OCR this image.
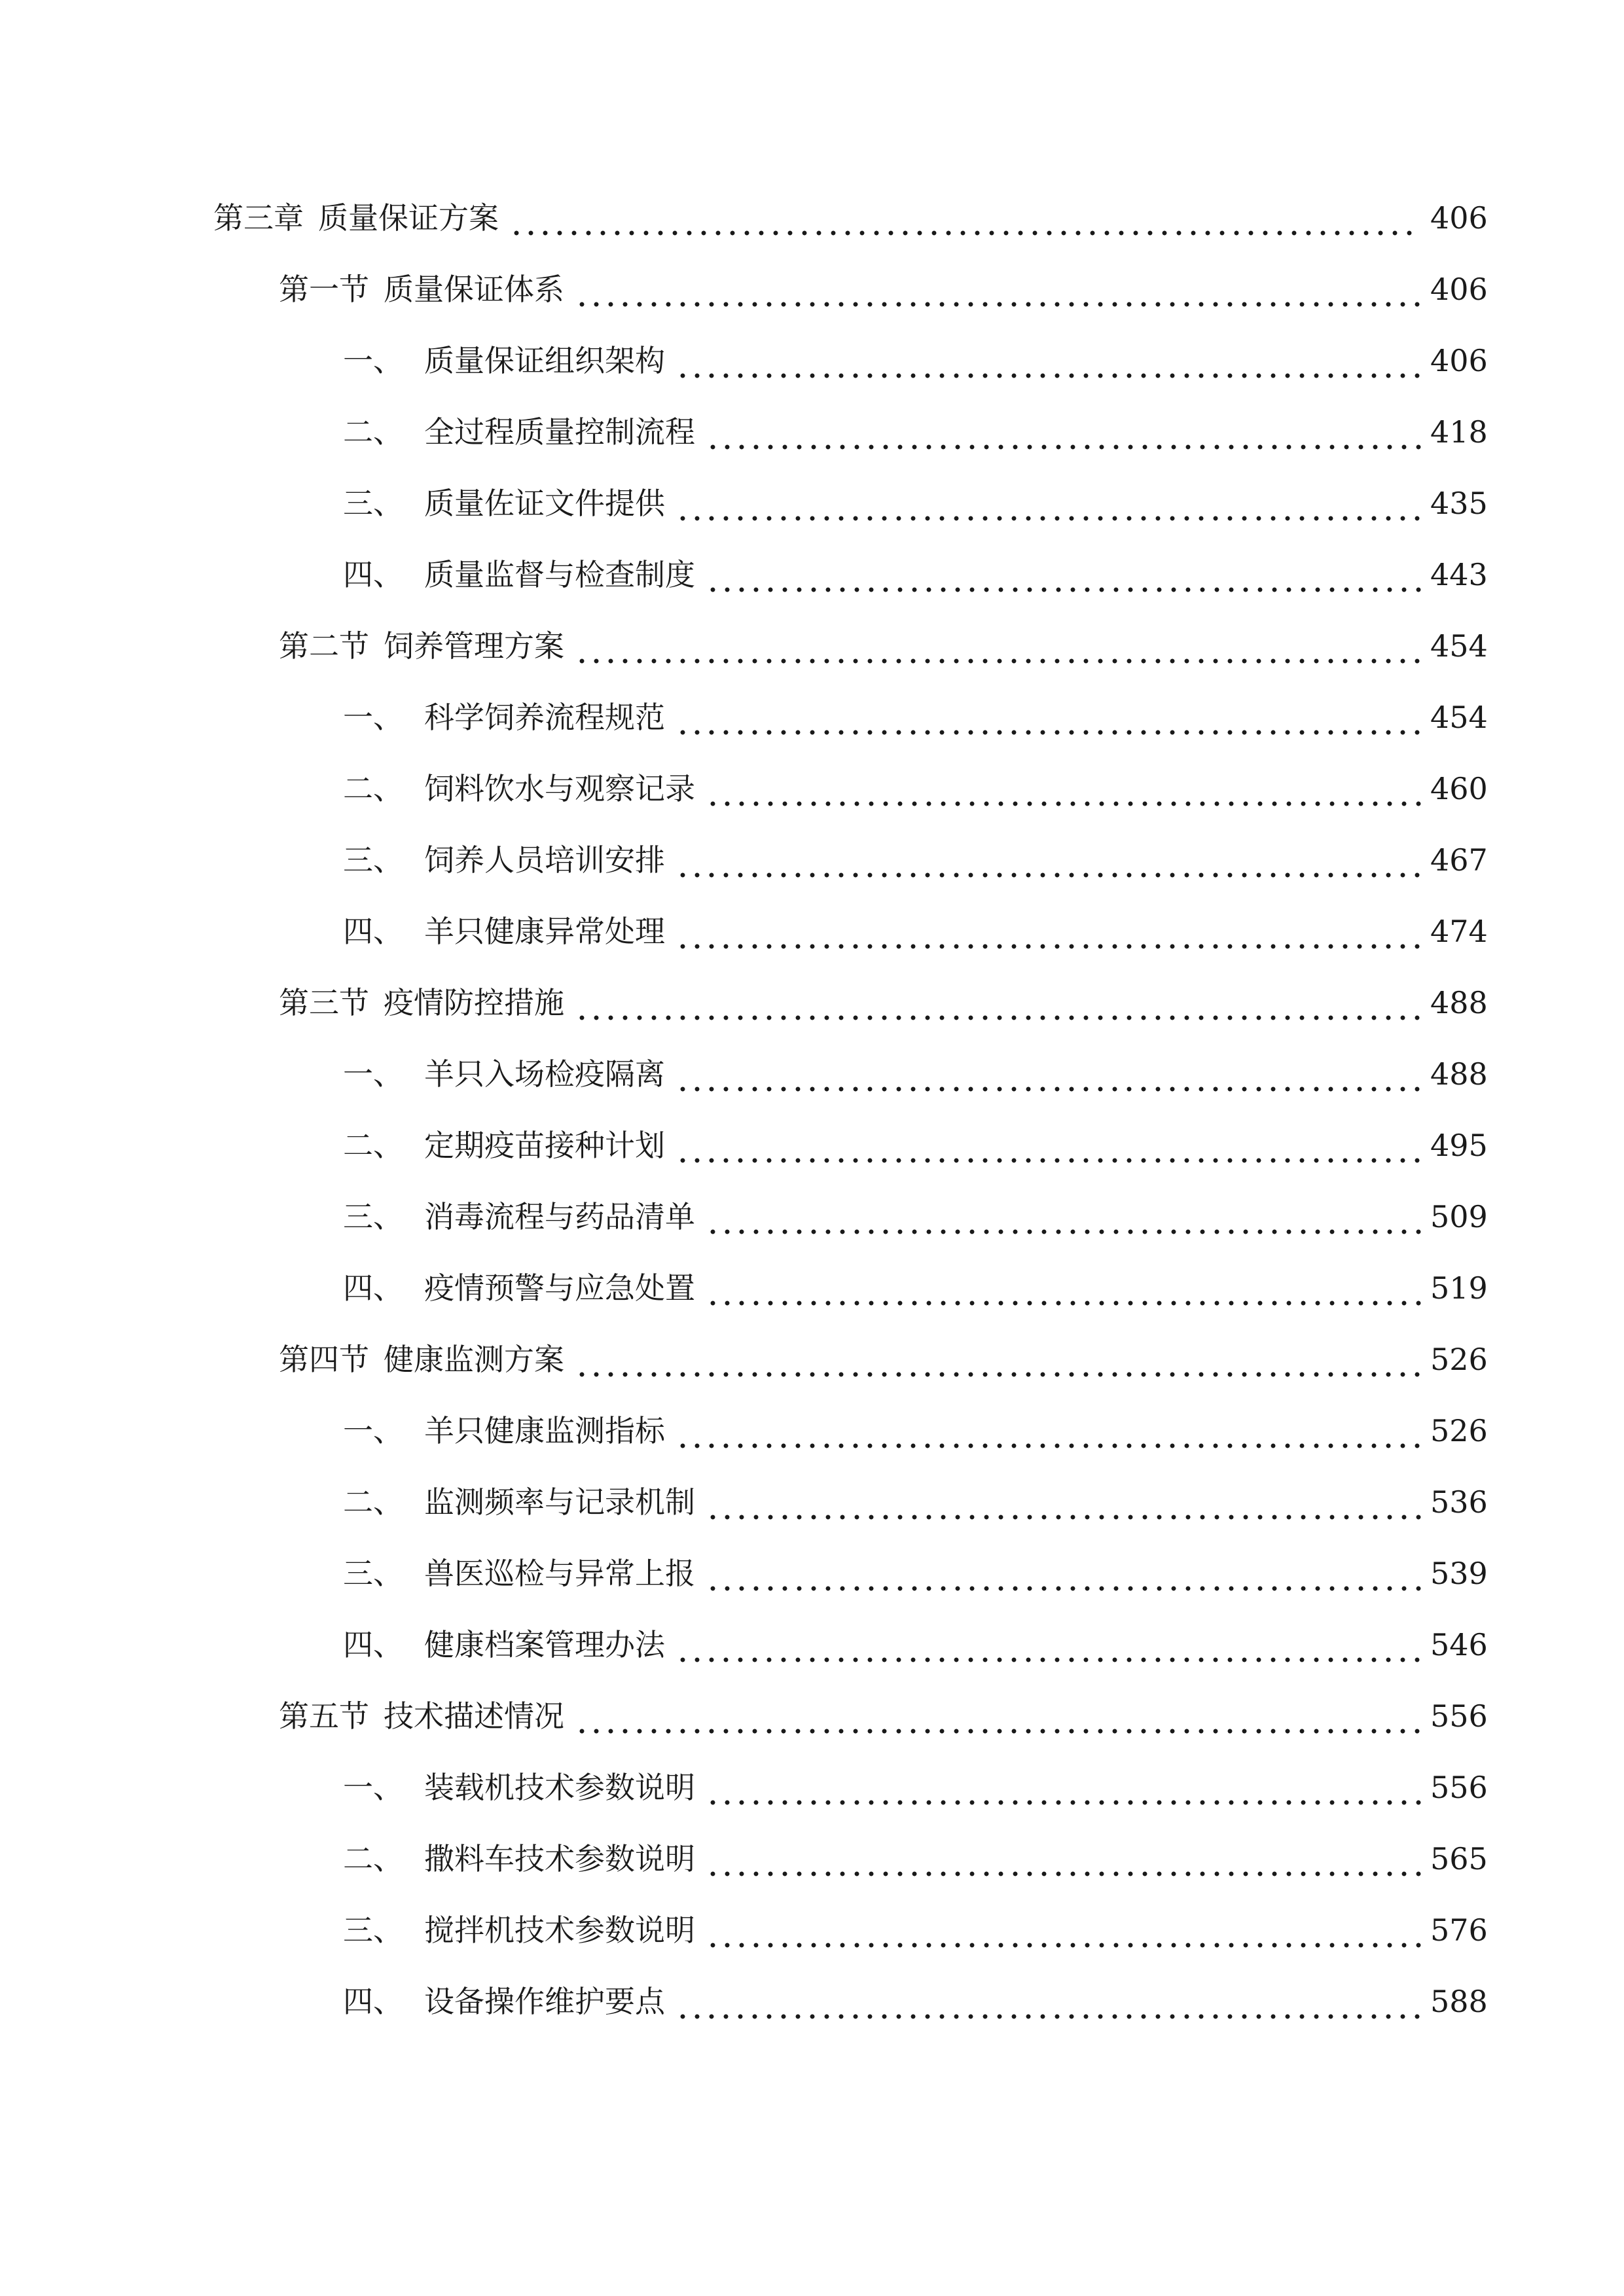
第三章 质量保证方案	406
第一节 质量保证体系	406
一、 质量保证组织架构	406
二、 全过程质量控制流程	418
三、 质量佐证文件提供	435
四、 质量监督与检查制度	443
第二节 饲养管理方案	454
一、 科学饲养流程规范	454
二、 饲料饮水与观察记录	460
三、 饲养人员培训安排	467
四、 羊只健康异常处理	474
第三节 疫情防控措施	488
一、 羊只入场检疫隔离	488
二、 定期疫苗接种计划	495
三、 消毒流程与药品清单	509
四、 疫情预警与应急处置	519
第四节 健康监测方案	526
一、 羊只健康监测指标	526
二、 监测频率与记录机制	536
三、 兽医巡检与异常上报	539
四、 健康档案管理办法	546
第五节 技术描述情况	556
一、 装载机技术参数说明	556
二、 撒料车技术参数说明	565
三、 搅拌机技术参数说明	576
四、 设备操作维护要点	588
